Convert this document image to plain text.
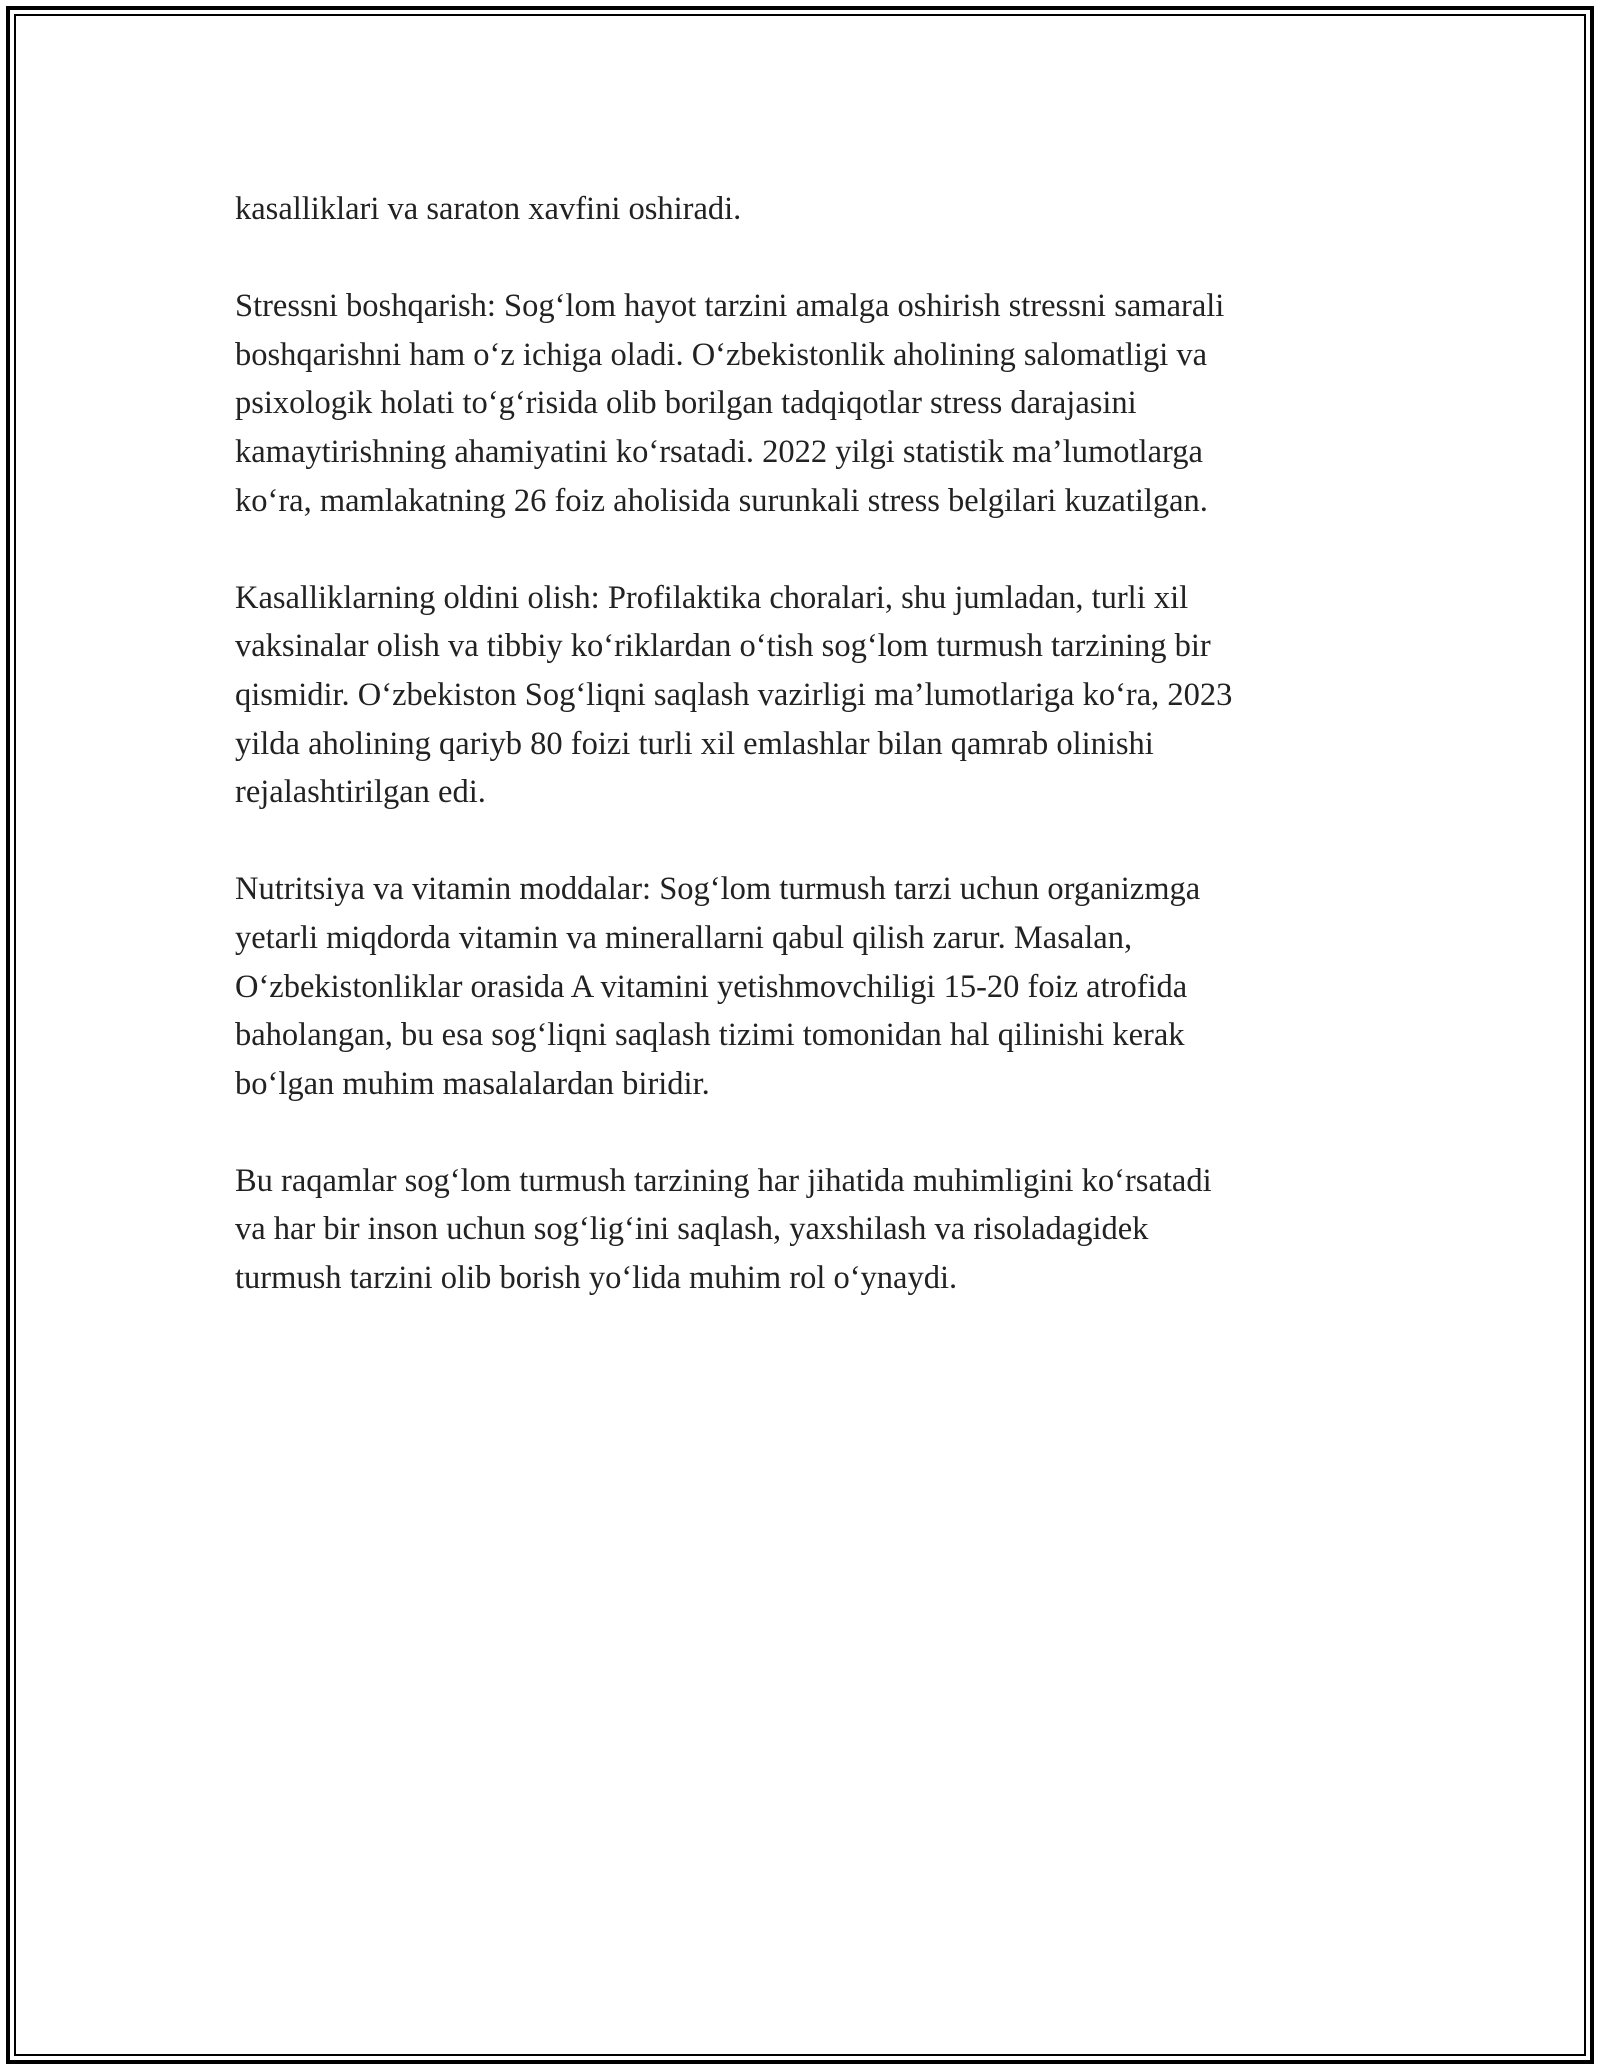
kasalliklari va saraton xavfini oshiradi.

Stressni boshqarish: Sog‘lom hayot tarzini amalga oshirish stressni samarali
boshqarishni ham o‘z ichiga oladi. O‘zbekistonlik aholining salomatligi va
psixologik holati to‘g‘risida olib borilgan tadqiqotlar stress darajasini
kamaytirishning ahamiyatini ko‘rsatadi. 2022 yilgi statistik ma’lumotlarga
ko‘ra, mamlakatning 26 foiz aholisida surunkali stress belgilari kuzatilgan.

Kasalliklarning oldini olish: Profilaktika choralari, shu jumladan, turli xil
vaksinalar olish va tibbiy ko‘riklardan o‘tish sog‘lom turmush tarzining bir
qismidir. O‘zbekiston Sog‘liqni saqlash vazirligi ma’lumotlariga ko‘ra, 2023
yilda aholining qariyb 80 foizi turli xil emlashlar bilan qamrab olinishi
rejalashtirilgan edi.

Nutritsiya va vitamin moddalar: Sog‘lom turmush tarzi uchun organizmga
yetarli miqdorda vitamin va minerallarni qabul qilish zarur. Masalan,
O‘zbekistonliklar orasida A vitamini yetishmovchiligi 15-20 foiz atrofida
baholangan, bu esa sog‘liqni saqlash tizimi tomonidan hal qilinishi kerak
bo‘lgan muhim masalalardan biridir.

Bu raqamlar sog‘lom turmush tarzining har jihatida muhimligini ko‘rsatadi
va har bir inson uchun sog‘lig‘ini saqlash, yaxshilash va risoladagidek
turmush tarzini olib borish yo‘lida muhim rol o‘ynaydi.
